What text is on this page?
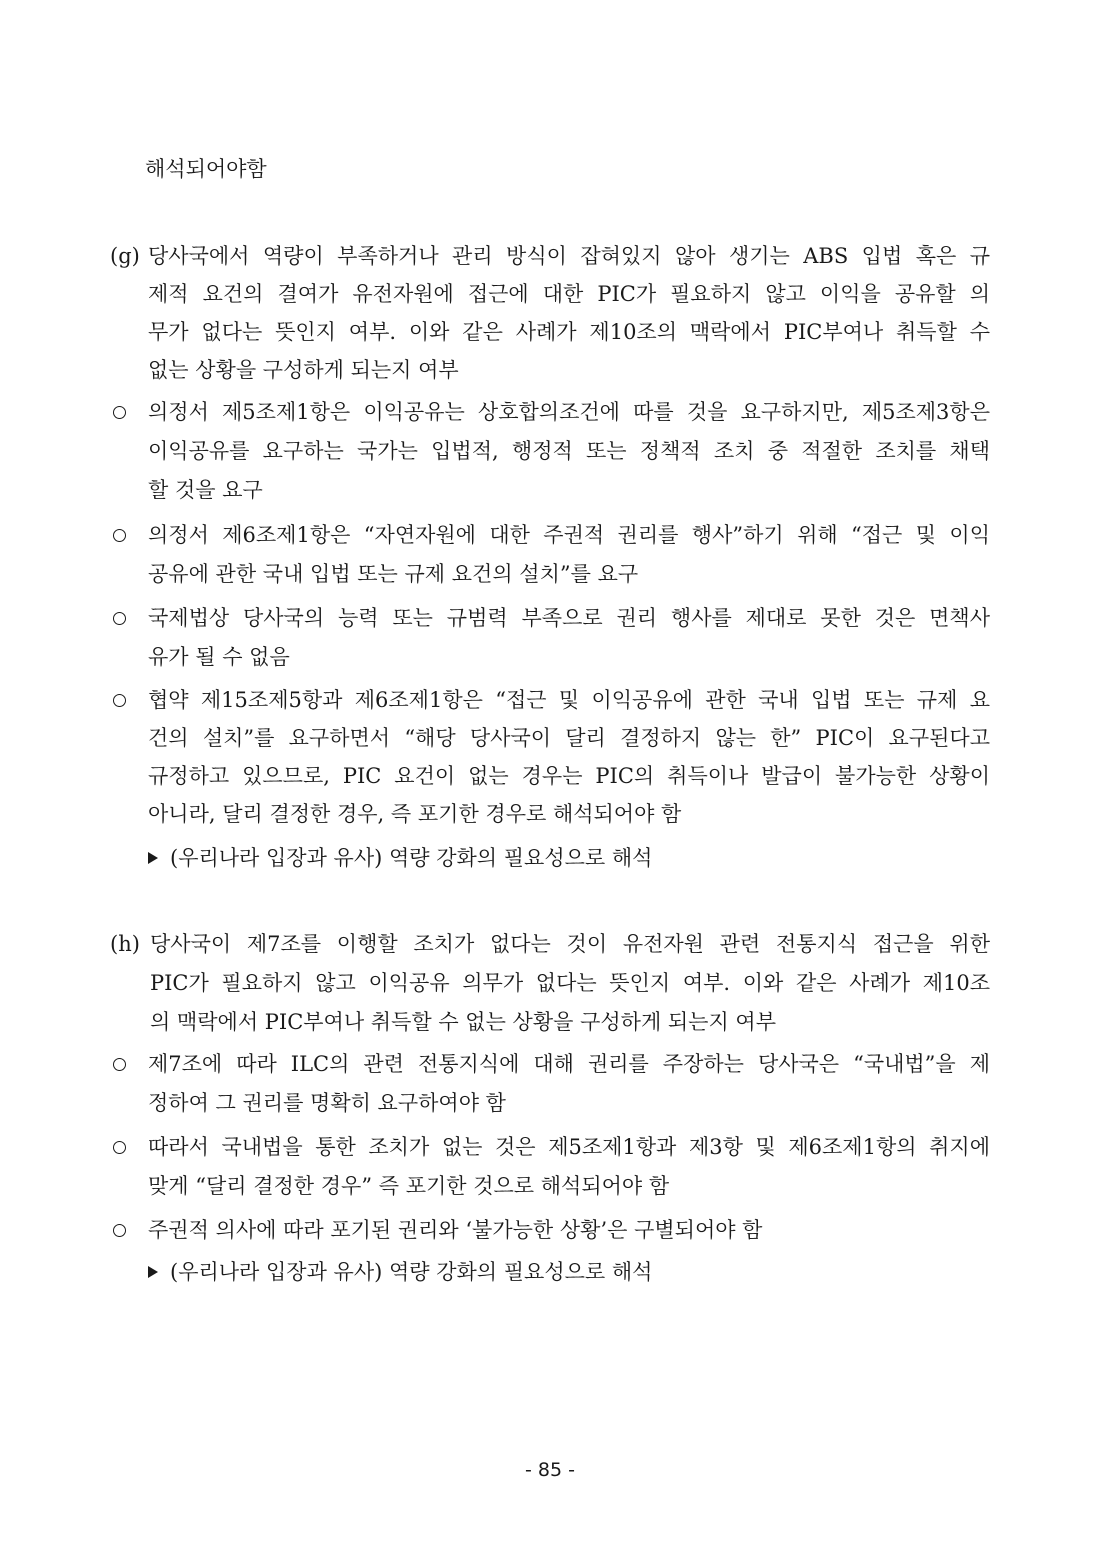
해석되어야함
(g) 당사국에서 역량이 부족하거나 관리 방식이 잡혀있지 않아 생기는 ABS 입법 혹은 규
제적 요건의 결여가 유전자원에 접근에 대한 PIC가 필요하지 않고 이익을 공유할 의
무가 없다는 뜻인지 여부. 이와 같은 사례가 제10조의 맥락에서 PIC부여나 취득할 수
없는 상황을 구성하게 되는지 여부
의정서 제5조제1항은 이익공유는 상호합의조건에 따를 것을 요구하지만, 제5조제3항은
이익공유를 요구하는 국가는 입법적, 행정적 또는 정책적 조치 중 적절한 조치를 채택
할 것을 요구
의정서 제6조제1항은 “자연자원에 대한 주권적 권리를 행사”하기 위해 “접근 및 이익
공유에 관한 국내 입법 또는 규제 요건의 설치”를 요구
국제법상 당사국의 능력 또는 규범력 부족으로 권리 행사를 제대로 못한 것은 면책사
유가 될 수 없음
협약 제15조제5항과 제6조제1항은 “접근 및 이익공유에 관한 국내 입법 또는 규제 요
건의 설치”를 요구하면서 “해당 당사국이 달리 결정하지 않는 한” PIC이 요구된다고
규정하고 있으므로, PIC 요건이 없는 경우는 PIC의 취득이나 발급이 불가능한 상황이
아니라, 달리 결정한 경우, 즉 포기한 경우로 해석되어야 함
(우리나라 입장과 유사) 역량 강화의 필요성으로 해석
(h) 당사국이 제7조를 이행할 조치가 없다는 것이 유전자원 관련 전통지식 접근을 위한
PIC가 필요하지 않고 이익공유 의무가 없다는 뜻인지 여부. 이와 같은 사례가 제10조
의 맥락에서 PIC부여나 취득할 수 없는 상황을 구성하게 되는지 여부
제7조에 따라 ILC의 관련 전통지식에 대해 권리를 주장하는 당사국은 “국내법”을 제
정하여 그 권리를 명확히 요구하여야 함
따라서 국내법을 통한 조치가 없는 것은 제5조제1항과 제3항 및 제6조제1항의 취지에
맞게 “달리 결정한 경우” 즉 포기한 것으로 해석되어야 함
주권적 의사에 따라 포기된 권리와 ‘불가능한 상황’은 구별되어야 함
(우리나라 입장과 유사) 역량 강화의 필요성으로 해석
- 85 -
